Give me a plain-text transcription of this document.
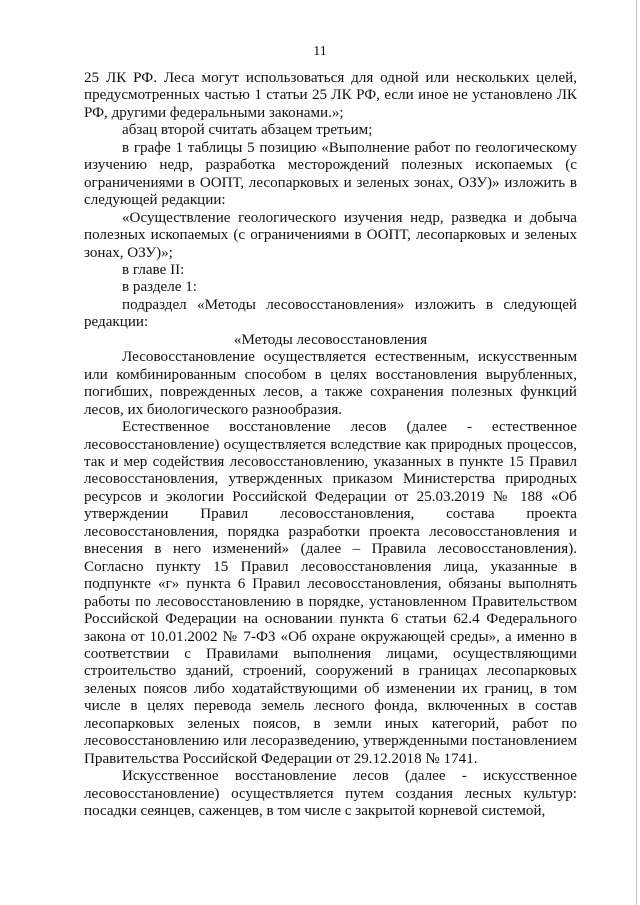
11

25 ЛК РФ. Леса могут использоваться для одной или нескольких целей, предусмотренных частью 1 статьи 25 ЛК РФ, если иное не установлено ЛК РФ, другими федеральными законами.»;

абзац второй считать абзацем третьим;

в графе 1 таблицы 5 позицию «Выполнение работ по геологическому изучению недр, разработка месторождений полезных ископаемых (с ограничениями в ООПТ, лесопарковых и зеленых зонах, ОЗУ)» изложить в следующей редакции:

«Осуществление геологического изучения недр, разведка и добыча полезных ископаемых (с ограничениями в ООПТ, лесопарковых и зеленых зонах, ОЗУ)»;

в главе II:

в разделе 1:

подраздел «Методы лесовосстановления» изложить в следующей редакции:

«Методы лесовосстановления

Лесовосстановление осуществляется естественным, искусственным или комбинированным способом в целях восстановления вырубленных, погибших, поврежденных лесов, а также сохранения полезных функций лесов, их биологического разнообразия.

Естественное восстановление лесов (далее - естественное лесовосстановление) осуществляется вследствие как природных процессов, так и мер содействия лесовосстановлению, указанных в пункте 15 Правил лесовосстановления, утвержденных приказом Министерства природных ресурсов и экологии Российской Федерации от 25.03.2019 № 188 «Об утверждении Правил лесовосстановления, состава проекта лесовосстановления, порядка разработки проекта лесовосстановления и внесения в него изменений» (далее – Правила лесовосстановления). Согласно пункту 15 Правил лесовосстановления лица, указанные в подпункте «г» пункта 6 Правил лесовосстановления, обязаны выполнять работы по лесовосстановлению в порядке, установленном Правительством Российской Федерации на основании пункта 6 статьи 62.4 Федерального закона от 10.01.2002 № 7-ФЗ «Об охране окружающей среды», а именно в соответствии с Правилами выполнения лицами, осуществляющими строительство зданий, строений, сооружений в границах лесопарковых зеленых поясов либо ходатайствующими об изменении их границ, в том числе в целях перевода земель лесного фонда, включенных в состав лесопарковых зеленых поясов, в земли иных категорий, работ по лесовосстановлению или лесоразведению, утвержденными постановлением Правительства Российской Федерации от 29.12.2018 № 1741.

Искусственное восстановление лесов (далее - искусственное лесовосстановление) осуществляется путем создания лесных культур: посадки сеянцев, саженцев, в том числе с закрытой корневой системой,
